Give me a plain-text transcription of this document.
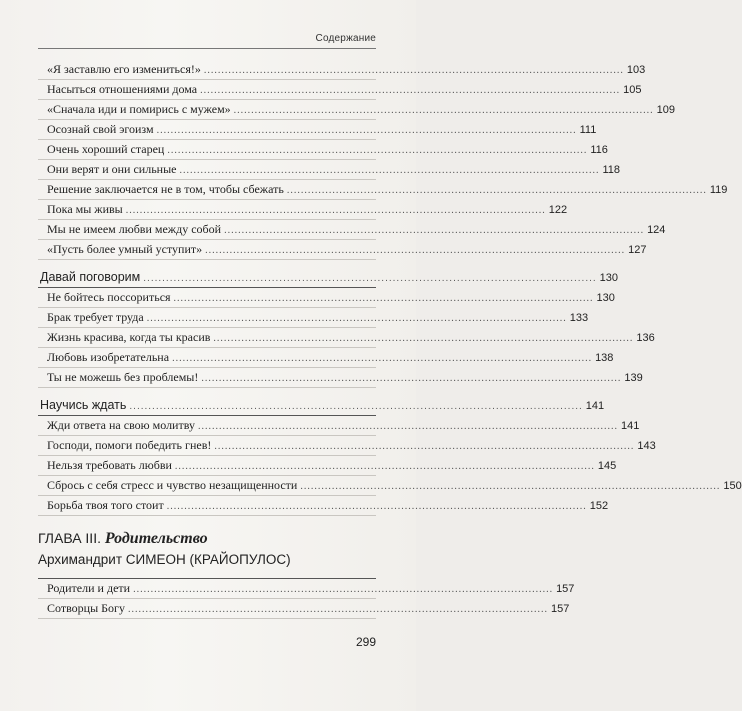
Содержание
«Я заставлю его измениться!» ........................................................................................................................ 103
Насыться отношениями дома ........................................................................................................................ 105
«Сначала иди и помирись с мужем» ........................................................................................................................ 109
Осознай свой эгоизм ........................................................................................................................ 111
Очень хороший старец ........................................................................................................................ 116
Они верят и они сильные ........................................................................................................................ 118
Решение заключается не в том, чтобы сбежать ........................................................................................................................ 119
Пока мы живы ........................................................................................................................ 122
Мы не имеем любви между собой ........................................................................................................................ 124
«Пусть более умный уступит» ........................................................................................................................ 127
Давай поговорим ........................................................................................................................ 130
Не бойтесь поссориться ........................................................................................................................ 130
Брак требует труда ........................................................................................................................ 133
Жизнь красива, когда ты красив ........................................................................................................................ 136
Любовь изобретательна ........................................................................................................................ 138
Ты не можешь без проблемы! ........................................................................................................................ 139
Научись ждать ........................................................................................................................ 141
Жди ответа на свою молитву ........................................................................................................................ 141
Господи, помоги победить гнев! ........................................................................................................................ 143
Нельзя требовать любви ........................................................................................................................ 145
Сбрось с себя стресс и чувство незащищенности ........................................................................................................................ 150
Борьба твоя того стоит ........................................................................................................................ 152
ГЛАВА III. Родительство
Архимандрит СИМЕОН (КРАЙОПУЛОС)
Родители и дети ........................................................................................................................ 157
Сотворцы Богу ........................................................................................................................ 157
299
